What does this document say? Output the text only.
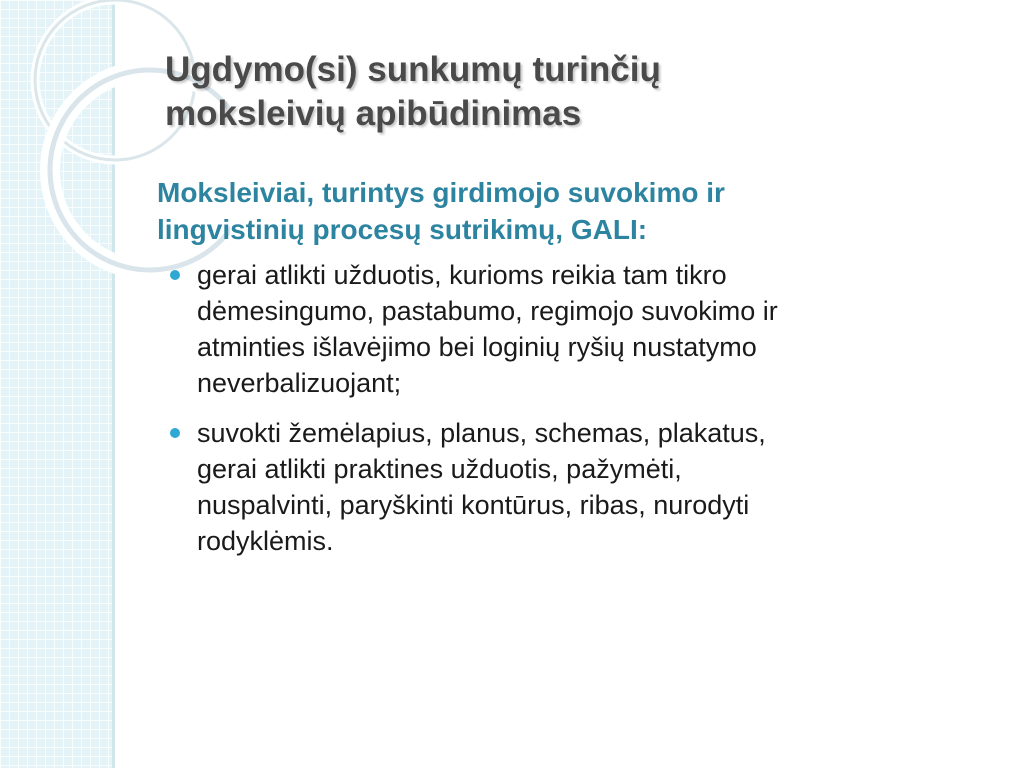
Ugdymo(si) sunkumų turinčių
moksleivių apibūdinimas
Moksleiviai, turintys girdimojo suvokimo ir
lingvistinių procesų sutrikimų, GALI:
gerai atlikti užduotis, kurioms reikia tam tikro
dėmesingumo, pastabumo, regimojo suvokimo ir
atminties išlavėjimo bei loginių ryšių nustatymo
neverbalizuojant;
suvokti žemėlapius, planus, schemas, plakatus,
gerai atlikti praktines užduotis, pažymėti,
nuspalvinti, paryškinti kontūrus, ribas, nurodyti
rodyklėmis.
